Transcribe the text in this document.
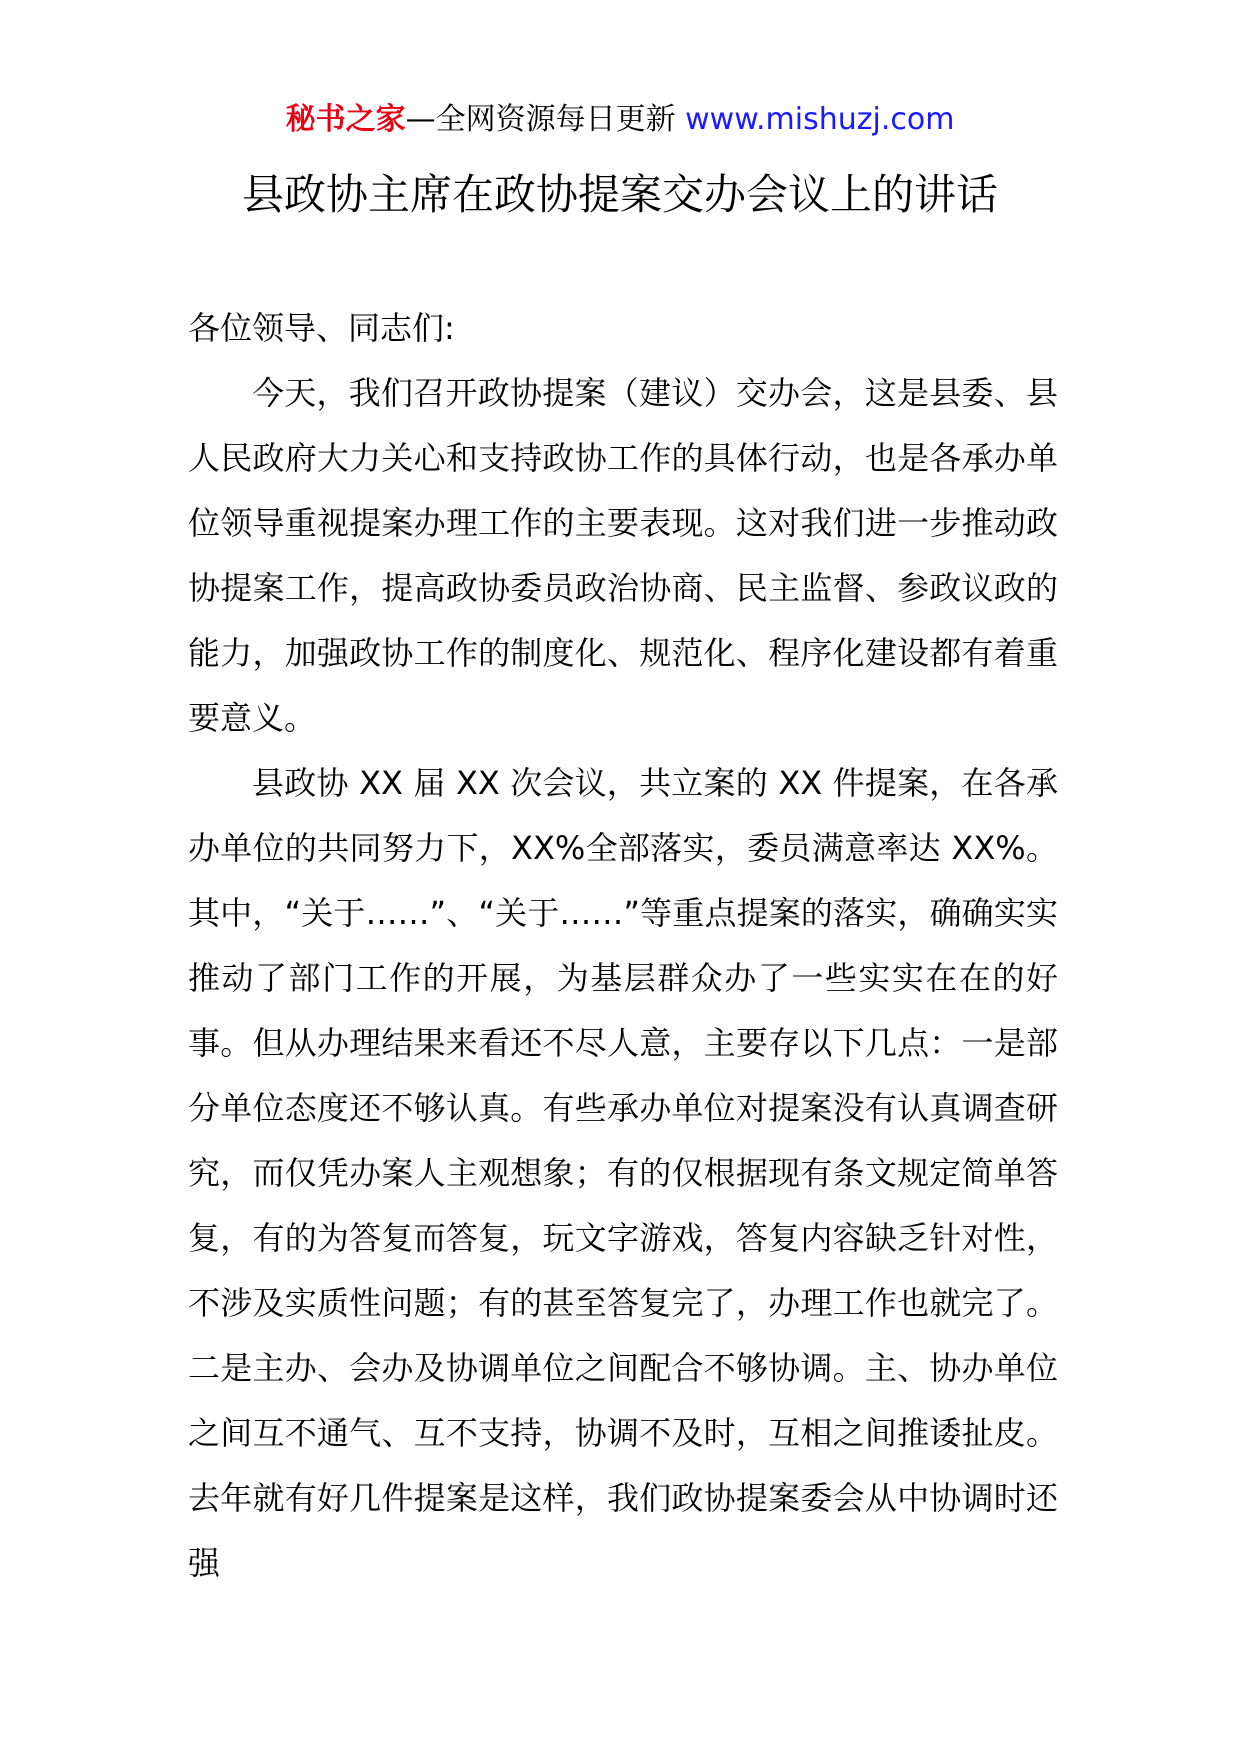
秘书之家—全网资源每日更新 www.mishuzj.com
县政协主席在政协提案交办会议上的讲话

各位领导、同志们:

今天，我们召开政协提案（建议）交办会，这是县委、县人民政府大力关心和支持政协工作的具体行动，也是各承办单位领导重视提案办理工作的主要表现。这对我们进一步推动政协提案工作，提高政协委员政治协商、民主监督、参政议政的能力，加强政协工作的制度化、规范化、程序化建设都有着重要意义。

县政协 XX 届 XX 次会议，共立案的 XX 件提案，在各承办单位的共同努力下，XX%全部落实，委员满意率达 XX%。其中，“关于……”、“关于……”等重点提案的落实，确确实实推动了部门工作的开展，为基层群众办了一些实实在在的好事。但从办理结果来看还不尽人意，主要存以下几点：一是部分单位态度还不够认真。有些承办单位对提案没有认真调查研究，而仅凭办案人主观想象；有的仅根据现有条文规定简单答复，有的为答复而答复，玩文字游戏，答复内容缺乏针对性，不涉及实质性问题；有的甚至答复完了，办理工作也就完了。二是主办、会办及协调单位之间配合不够协调。主、协办单位之间互不通气、互不支持，协调不及时，互相之间推诿扯皮。去年就有好几件提案是这样，我们政协提案委会从中协调时还强
